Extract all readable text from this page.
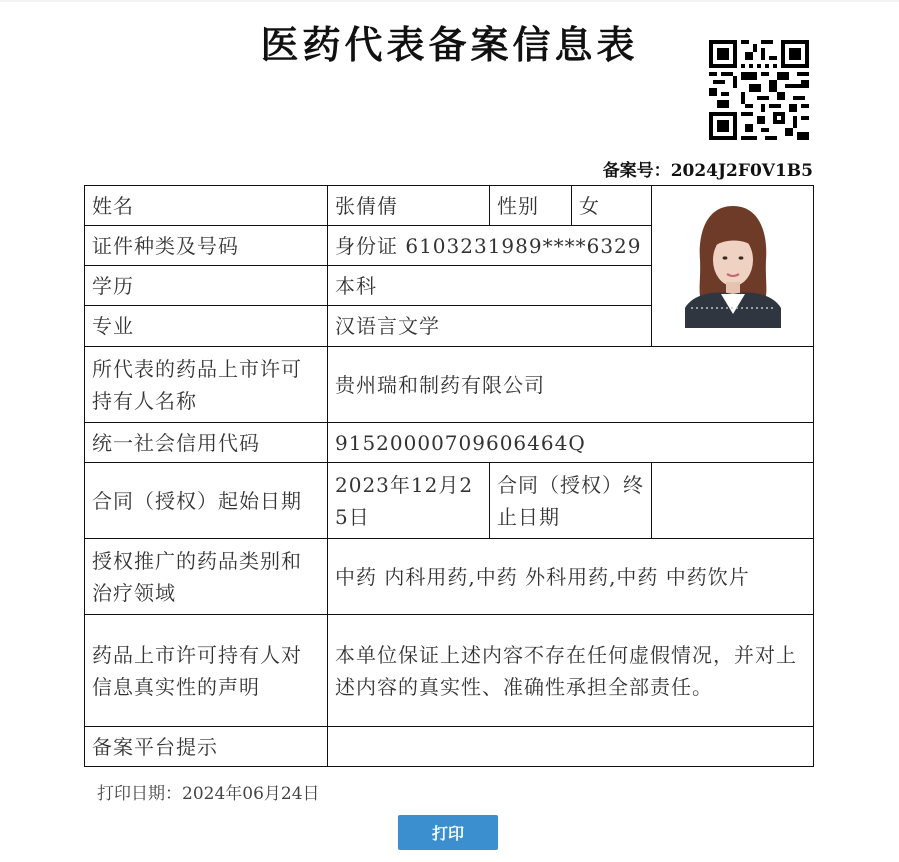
医药代表备案信息表
备案号：2024J2F0V1B5
姓名	张倩倩	性别	女	
证件种类及号码	身份证 6103231989****6329			
学历	本科			
专业	汉语言文学			
所代表的药品上市许可持有人名称	贵州瑞和制药有限公司			
统一社会信用代码	91520000709606464Q			
合同（授权）起始日期	2023年12月25日	合同（授权）终止日期		
授权推广的药品类别和治疗领域	中药 内科用药,中药 外科用药,中药 中药饮片			
药品上市许可持有人对信息真实性的声明	本单位保证上述内容不存在任何虚假情况，并对上述内容的真实性、准确性承担全部责任。			
备案平台提示				
打印日期：2024年06月24日
打印
